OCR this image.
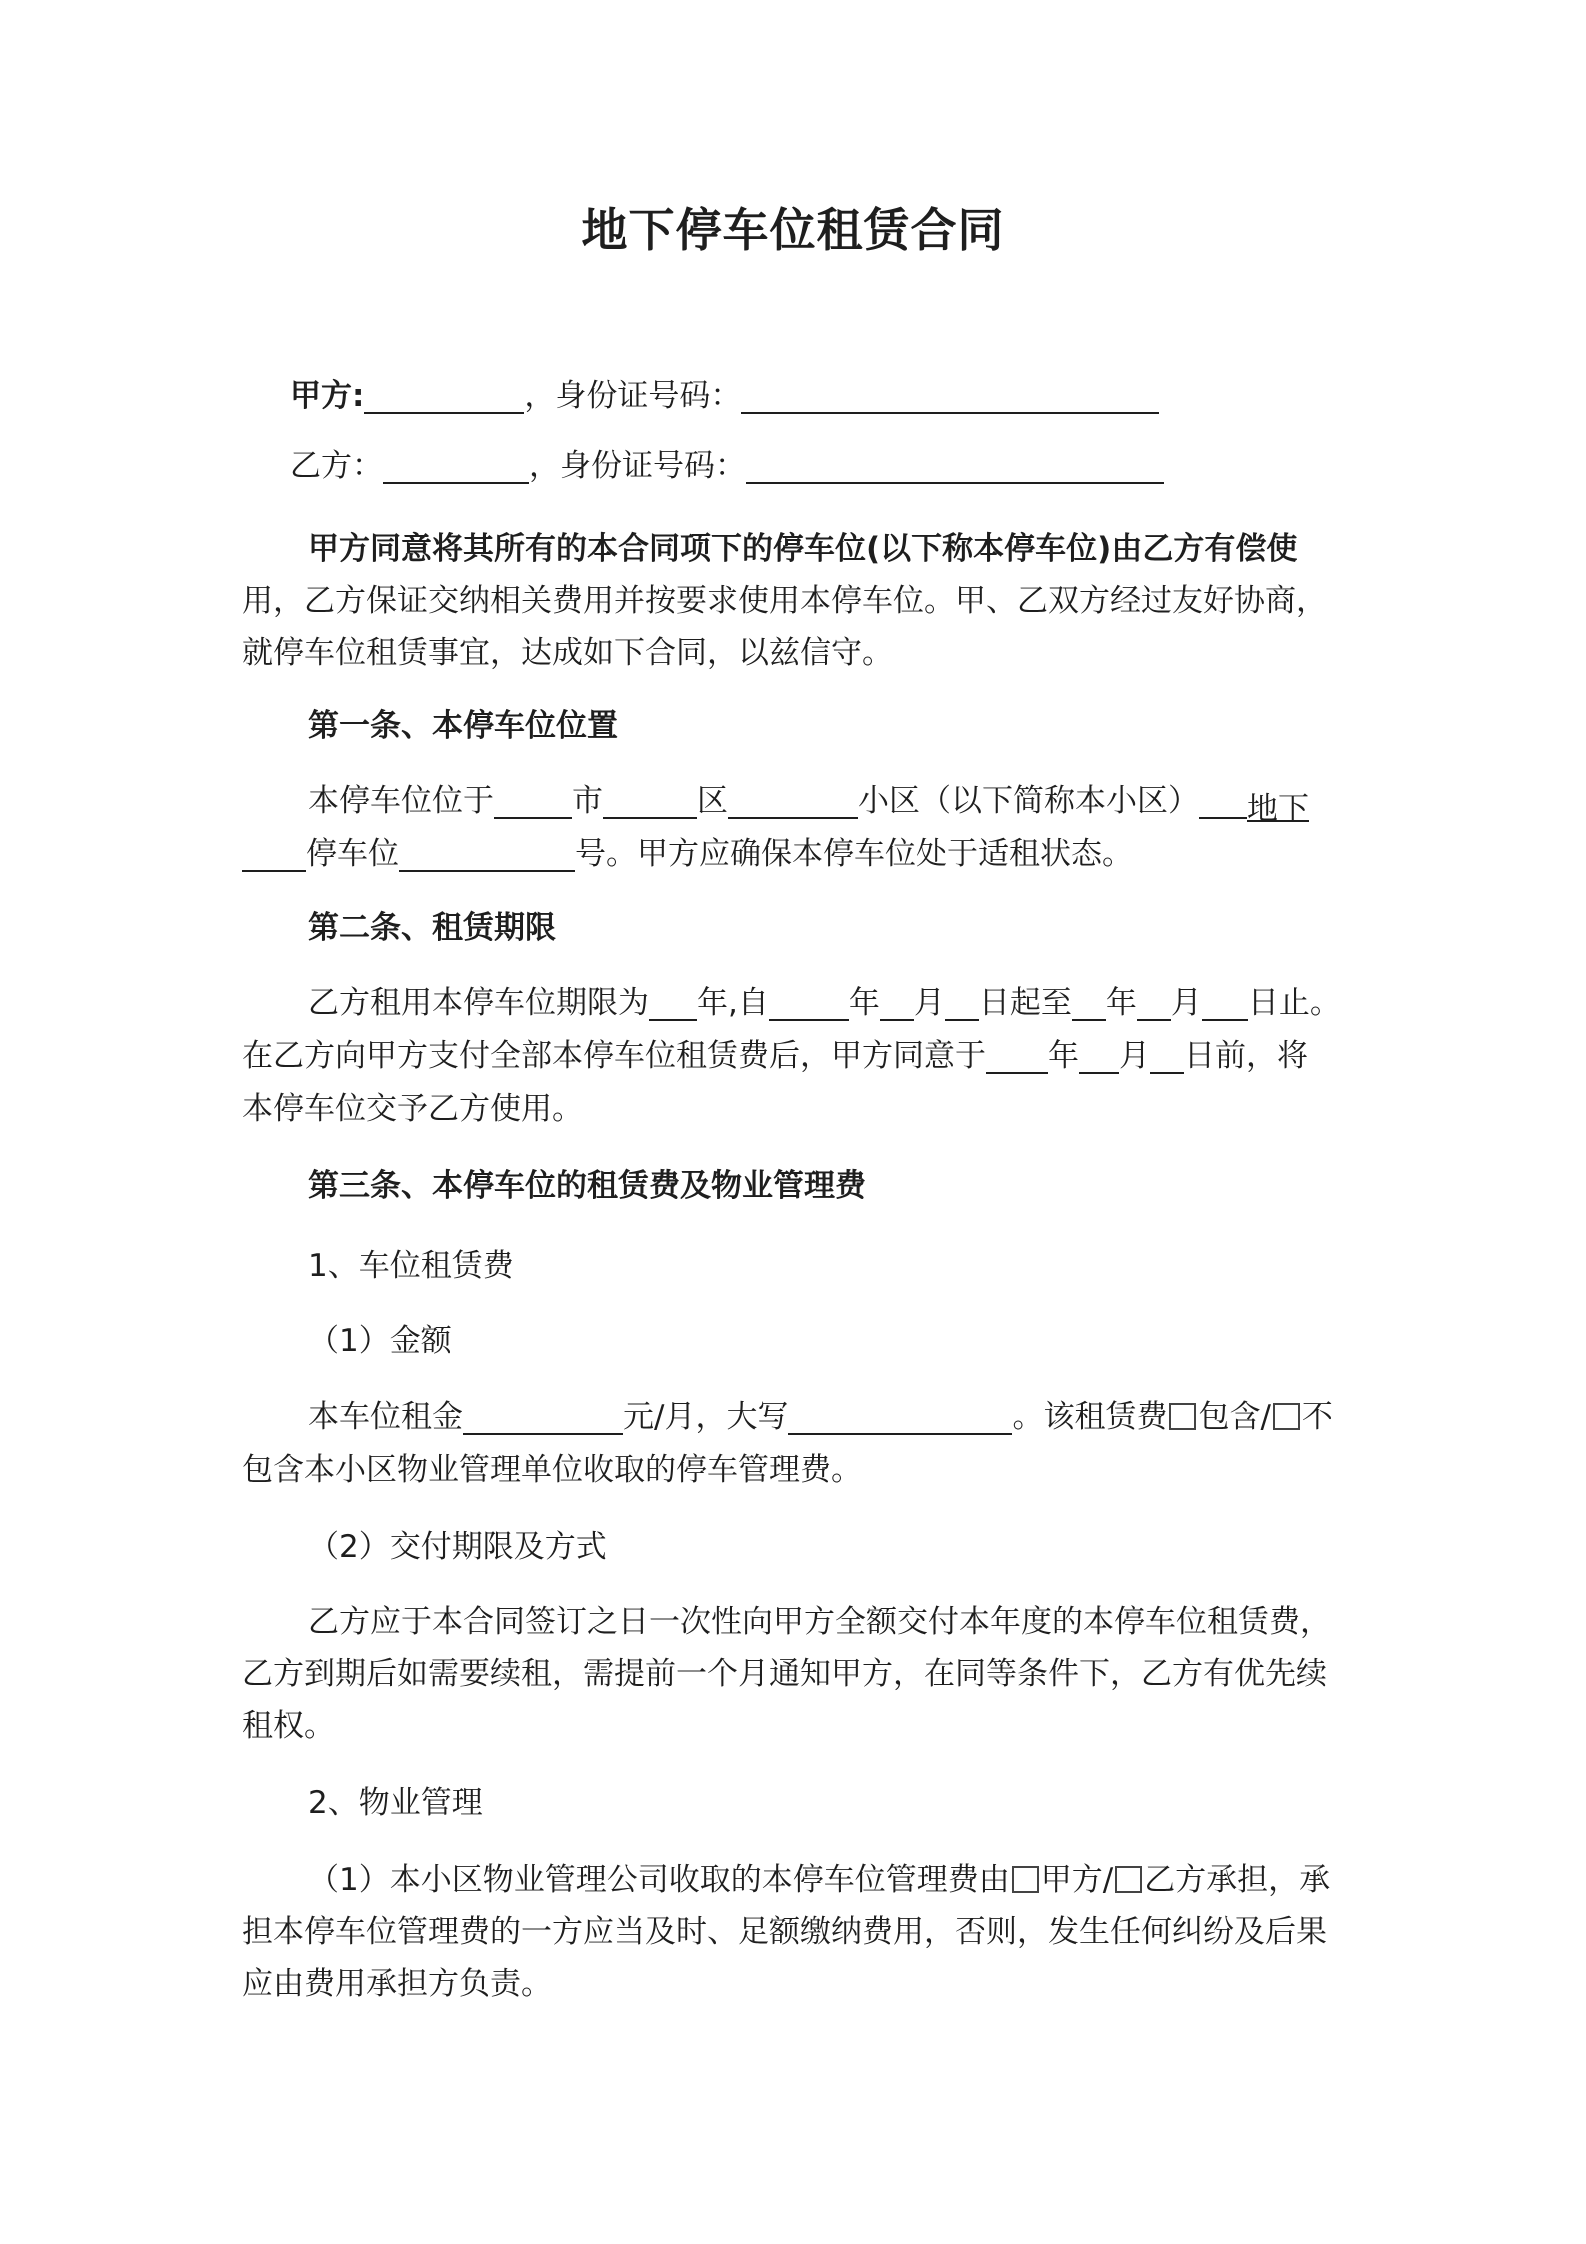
地下停车位租赁合同
甲方:	，身份证号码：
乙方：	，身份证号码：
甲方同意将其所有的本合同项下的停车位(以下称本停车位)由乙方有偿使
用，乙方保证交纳相关费用并按要求使用本停车位。甲、乙双方经过友好协商，
就停车位租赁事宜，达成如下合同，以兹信守。
第一条、本停车位位置
本停车位位于	市	区	小区（以下简称本小区） 地下
停车位	号。甲方应确保本停车位处于适租状态。
第二条、租赁期限
乙方租用本停车位期限为 年,自	年 月 日起至 年 月 日止。
在乙方向甲方支付全部本停车位租赁费后，甲方同意于 年 月 日前，将
本停车位交予乙方使用。
第三条、本停车位的租赁费及物业管理费
1、车位租赁费
（1）金额
本车位租金	元/月，大写	。该租赁费 包含/ 不
包含本小区物业管理单位收取的停车管理费。
（2）交付期限及方式
乙方应于本合同签订之日一次性向甲方全额交付本年度的本停车位租赁费，
乙方到期后如需要续租，需提前一个月通知甲方，在同等条件下，乙方有优先续
租权。
2、物业管理
（1）本小区物业管理公司收取的本停车位管理费由 甲方/ 乙方承担，承
担本停车位管理费的一方应当及时、足额缴纳费用，否则，发生任何纠纷及后果
应由费用承担方负责。
